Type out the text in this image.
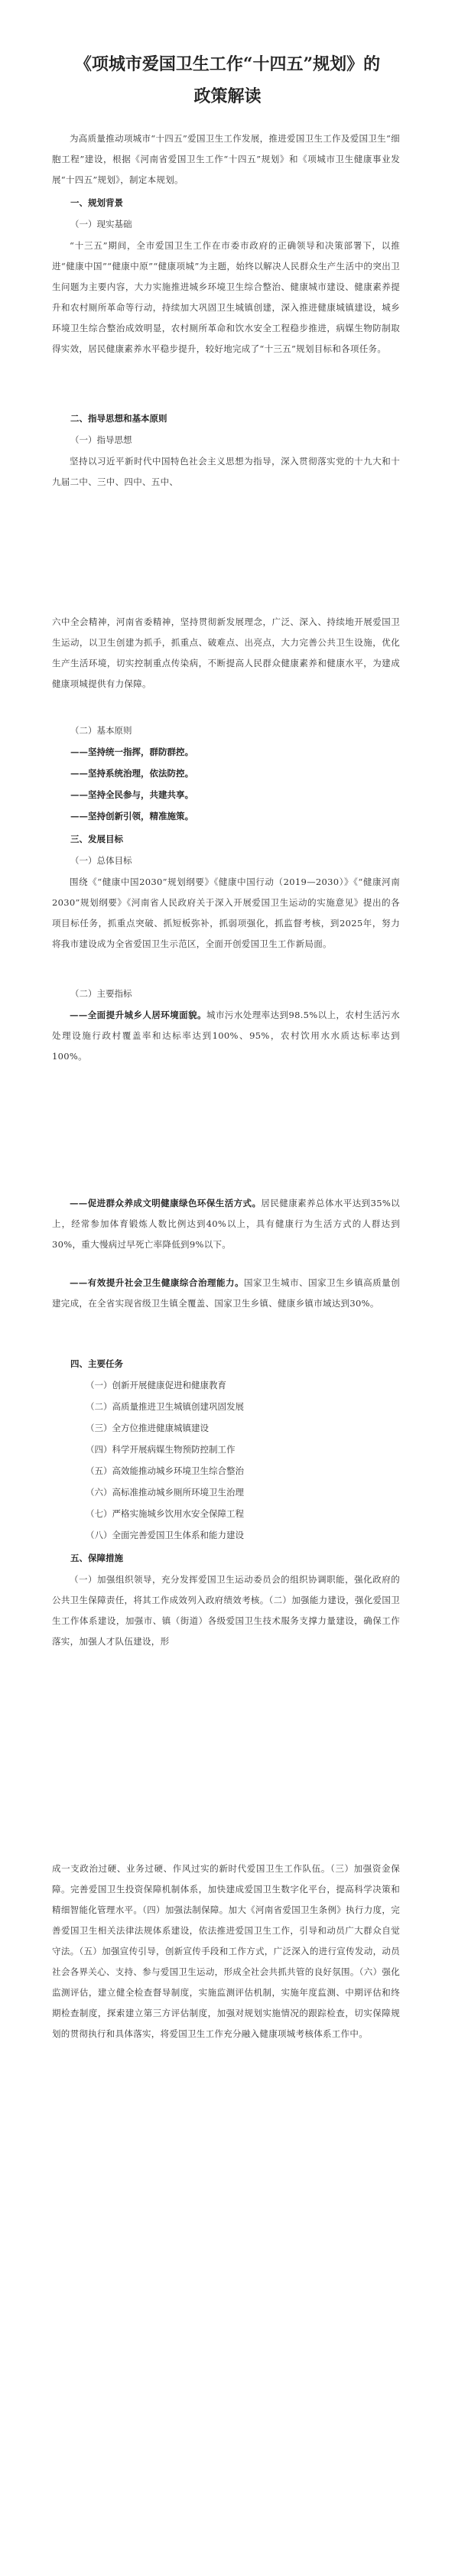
《项城市爱国卫生工作“十四五”规划》的
政策解读
为高质量推动项城市“十四五”爱国卫生工作发展，推进爱国卫生工作及爱国卫生“细胞工程”建设，根据《河南省爱国卫生工作“十四五”规划》和《项城市卫生健康事业发展“十四五”规划》，制定本规划。
一、规划背景
（一）现实基础
“十三五”期间，全市爱国卫生工作在市委市政府的正确领导和决策部署下，以推进“健康中国”“健康中原”“健康项城”为主题，始终以解决人民群众生产生活中的突出卫生问题为主要内容，大力实施推进城乡环境卫生综合整治、健康城市建设、健康素养提升和农村厕所革命等行动，持续加大巩固卫生城镇创建，深入推进健康城镇建设，城乡环境卫生综合整治成效明显，农村厕所革命和饮水安全工程稳步推进，病媒生物防制取得实效，居民健康素养水平稳步提升，较好地完成了“十三五”规划目标和各项任务。
二、指导思想和基本原则
（一）指导思想
坚持以习近平新时代中国特色社会主义思想为指导，深入贯彻落实党的十九大和十九届二中、三中、四中、五中、
六中全会精神，河南省委精神，坚持贯彻新发展理念，广泛、深入、持续地开展爱国卫生运动，以卫生创建为抓手，抓重点、破难点、出亮点，大力完善公共卫生设施，优化生产生活环境，切实控制重点传染病，不断提高人民群众健康素养和健康水平，为建成健康项城提供有力保障。
（二）基本原则
——坚持统一指挥，群防群控。
——坚持系统治理，依法防控。
——坚持全民参与，共建共享。
——坚持创新引领，精准施策。
三、发展目标
（一）总体目标
围绕《“健康中国2030”规划纲要》《健康中国行动（2019—2030）》《“健康河南2030”规划纲要》《河南省人民政府关于深入开展爱国卫生运动的实施意见》提出的各项目标任务，抓重点突破、抓短板弥补，抓弱项强化，抓监督考核，到2025年，努力将我市建设成为全省爱国卫生示范区，全面开创爱国卫生工作新局面。
（二）主要指标
——全面提升城乡人居环境面貌。城市污水处理率达到98.5%以上，农村生活污水处理设施行政村覆盖率和达标率达到100%、95%，农村饮用水水质达标率达到100%。
——促进群众养成文明健康绿色环保生活方式。居民健康素养总体水平达到35%以上，经常参加体育锻炼人数比例达到40%以上，具有健康行为生活方式的人群达到30%，重大慢病过早死亡率降低到9%以下。
——有效提升社会卫生健康综合治理能力。国家卫生城市、国家卫生乡镇高质量创建完成，在全省实现省级卫生镇全覆盖、国家卫生乡镇、健康乡镇市域达到30%。
四、主要任务
（一）创新开展健康促进和健康教育
（二）高质量推进卫生城镇创建巩固发展
（三）全方位推进健康城镇建设
（四）科学开展病媒生物预防控制工作
（五）高效能推动城乡环境卫生综合整治
（六）高标准推动城乡厕所环境卫生治理
（七）严格实施城乡饮用水安全保障工程
（八）全面完善爱国卫生体系和能力建设
五、保障措施
（一）加强组织领导，充分发挥爱国卫生运动委员会的组织协调职能，强化政府的公共卫生保障责任，将其工作成效列入政府绩效考核。（二）加强能力建设，强化爱国卫生工作体系建设，加强市、镇（街道）各级爱国卫生技术服务支撑力量建设，确保工作落实，加强人才队伍建设，形
成一支政治过硬、业务过硬、作风过实的新时代爱国卫生工作队伍。（三）加强资金保障。完善爱国卫生投资保障机制体系，加快建成爱国卫生数字化平台，提高科学决策和精细智能化管理水平。（四）加强法制保障。加大《河南省爱国卫生条例》执行力度，完善爱国卫生相关法律法规体系建设，依法推进爱国卫生工作，引导和动员广大群众自觉守法。（五）加强宣传引导，创新宣传手段和工作方式，广泛深入的进行宣传发动，动员社会各界关心、支持、参与爱国卫生运动，形成全社会共抓共管的良好氛围。（六）强化监测评估，建立健全检查督导制度，实施监测评估机制，实施年度监测、中期评估和终期检查制度，探索建立第三方评估制度，加强对规划实施情况的跟踪检查，切实保障规划的贯彻执行和具体落实，将爱国卫生工作充分融入健康项城考核体系工作中。
